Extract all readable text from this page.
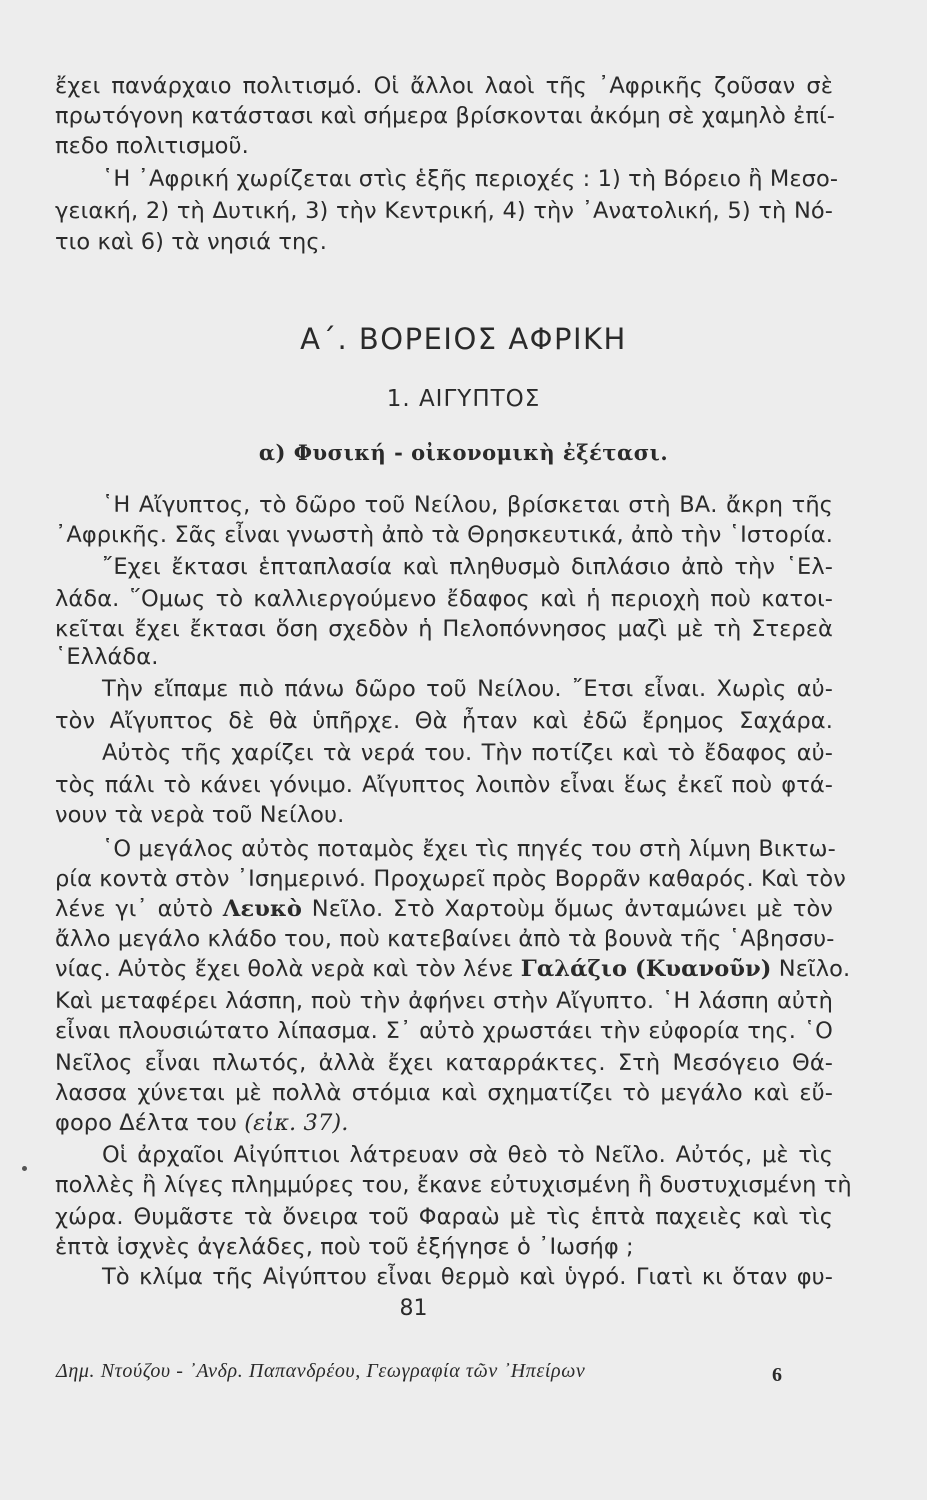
ἔχει πανάρχαιο πολιτισμό. Οἱ ἄλλοι λαοὶ τῆς ᾿Αφρικῆς ζοῦσαν σὲ
πρωτόγονη κατάστασι καὶ σήμερα βρίσκονται ἀκόμη σὲ χαμηλὸ ἐπί-
πεδο πολιτισμοῦ.
῾Η ᾿Αφρική χωρίζεται στὶς ἑξῆς περιοχές : 1) τὴ Βόρειο ἢ Μεσο-
γειακή, 2) τὴ Δυτική, 3) τὴν Κεντρική, 4) τὴν ᾿Ανατολική, 5) τὴ Νό-
τιο καὶ 6) τὰ νησιά της.
Α΄. ΒΟΡΕΙΟΣ ΑΦΡΙΚΗ
1. ΑΙΓΥΠΤΟΣ
α) Φυσική - οἰκονομικὴ ἐξέτασι.
῾Η Αἴγυπτος, τὸ δῶρο τοῦ Νείλου, βρίσκεται στὴ ΒΑ. ἄκρη τῆς
᾿Αφρικῆς. Σᾶς εἶναι γνωστὴ ἀπὸ τὰ Θρησκευτικά, ἀπὸ τὴν ῾Ιστορία.
῎Εχει ἔκτασι ἑπταπλασία καὶ πληθυσμὸ διπλάσιο ἀπὸ τὴν ῾Ελ-
λάδα. ῞Ομως τὸ καλλιεργούμενο ἔδαφος καὶ ἡ περιοχὴ ποὺ κατοι-
κεῖται ἔχει ἔκτασι ὅση σχεδὸν ἡ Πελοπόννησος μαζὶ μὲ τὴ Στερεὰ
῾Ελλάδα.
Τὴν εἴπαμε πιὸ πάνω δῶρο τοῦ Νείλου. ῎Ετσι εἶναι. Χωρὶς αὐ-
τὸν Αἴγυπτος δὲ θὰ ὑπῆρχε. Θὰ ἦταν καὶ ἐδῶ ἔρημος Σαχάρα.
Αὐτὸς τῆς χαρίζει τὰ νερά του. Τὴν ποτίζει καὶ τὸ ἔδαφος αὐ-
τὸς πάλι τὸ κάνει γόνιμο. Αἴγυπτος λοιπὸν εἶναι ἕως ἐκεῖ ποὺ φτά-
νουν τὰ νερὰ τοῦ Νείλου.
῾Ο μεγάλος αὐτὸς ποταμὸς ἔχει τὶς πηγές του στὴ λίμνη Βικτω-
ρία κοντὰ στὸν ᾿Ισημερινό. Προχωρεῖ πρὸς Βορρᾶν καθαρός. Καὶ τὸν
λένε γι᾿ αὐτὸ Λευκὸ Νεῖλο. Στὸ Χαρτοὺμ ὅμως ἀνταμώνει μὲ τὸν
ἄλλο μεγάλο κλάδο του, ποὺ κατεβαίνει ἀπὸ τὰ βουνὰ τῆς ῾Αβησσυ-
νίας. Αὐτὸς ἔχει θολὰ νερὰ καὶ τὸν λένε Γαλάζιο (Κυανοῦν) Νεῖλο.
Καὶ μεταφέρει λάσπη, ποὺ τὴν ἀφήνει στὴν Αἴγυπτο. ῾Η λάσπη αὐτὴ
εἶναι πλουσιώτατο λίπασμα. Σ᾿ αὐτὸ χρωστάει τὴν εὐφορία της. ῾Ο
Νεῖλος εἶναι πλωτός, ἀλλὰ ἔχει καταρράκτες. Στὴ Μεσόγειο Θά-
λασσα χύνεται μὲ πολλὰ στόμια καὶ σχηματίζει τὸ μεγάλο καὶ εὔ-
φορο Δέλτα του (εἰκ. 37).
Οἱ ἀρχαῖοι Αἰγύπτιοι λάτρευαν σὰ θεὸ τὸ Νεῖλο. Αὐτός, μὲ τὶς
πολλὲς ἢ λίγες πλημμύρες του, ἔκανε εὐτυχισμένη ἢ δυστυχισμένη τὴ
χώρα. Θυμᾶστε τὰ ὄνειρα τοῦ Φαραὼ μὲ τὶς ἑπτὰ παχειὲς καὶ τὶς
ἑπτὰ ἰσχνὲς ἀγελάδες, ποὺ τοῦ ἐξήγησε ὁ ᾿Ιωσήφ ;
Τὸ κλίμα τῆς Αἰγύπτου εἶναι θερμὸ καὶ ὑγρό. Γιατὶ κι ὅταν φυ-
81
Δημ. Ντούζου - ᾿Ανδρ. Παπανδρέου, Γεωγραφία τῶν ᾿Ηπείρων	6
